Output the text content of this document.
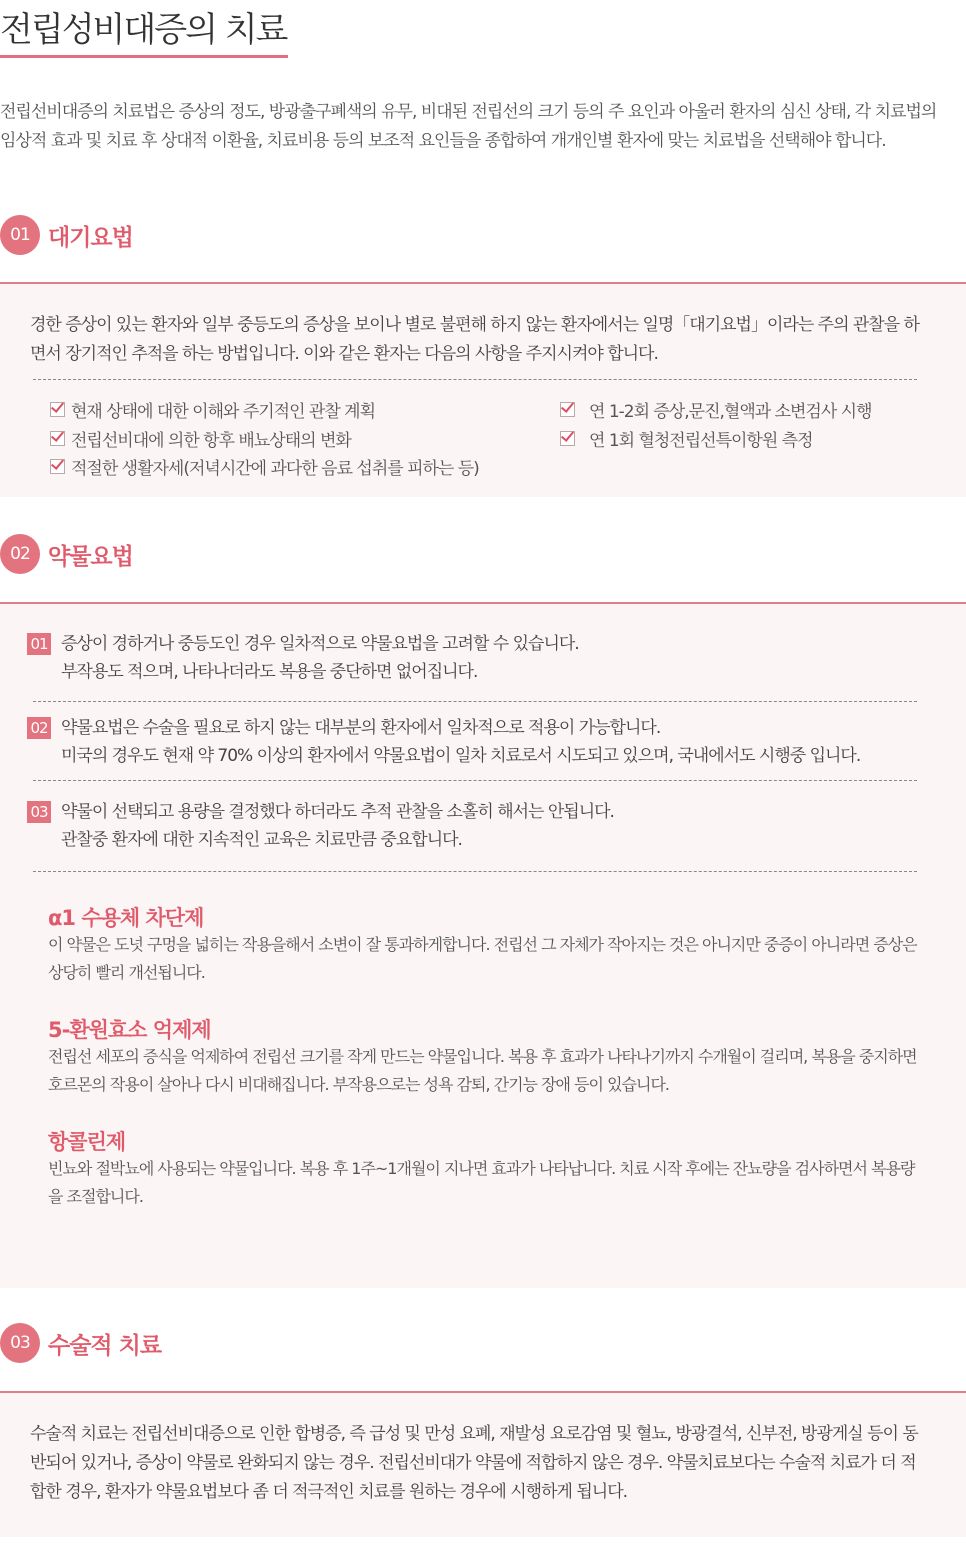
전립성비대증의 치료
전립선비대증의 치료법은 증상의 정도, 방광출구폐색의 유무, 비대된 전립선의 크기 등의 주 요인과 아울러 환자의 심신 상태, 각 치료법의 임상적 효과 및 치료 후 상대적 이환율, 치료비용 등의 보조적 요인들을 종합하여 개개인별 환자에 맞는 치료법을 선택해야 합니다.
01 대기요법
경한 증상이 있는 환자와 일부 중등도의 증상을 보이나 별로 불편해 하지 않는 환자에서는 일명「대기요법」이라는 주의 관찰을 하면서 장기적인 추적을 하는 방법입니다. 이와 같은 환자는 다음의 사항을 주지시켜야 합니다.
현재 상태에 대한 이해와 주기적인 관찰 계획
전립선비대에 의한 항후 배뇨상태의 변화
적절한 생활자세(저녁시간에 과다한 음료 섭취를 피하는 등)
연 1-2회 증상,문진,혈액과 소변검사 시행
연 1회 혈청전립선특이항원 측정
02 약물요법
01 증상이 경하거나 중등도인 경우 일차적으로 약물요법을 고려할 수 있습니다.
부작용도 적으며, 나타나더라도 복용을 중단하면 없어집니다.
02 약물요법은 수술을 필요로 하지 않는 대부분의 환자에서 일차적으로 적용이 가능합니다.
미국의 경우도 현재 약 70% 이상의 환자에서 약물요법이 일차 치료로서 시도되고 있으며, 국내에서도 시행중 입니다.
03 약물이 선택되고 용량을 결정했다 하더라도 추적 관찰을 소홀히 해서는 안됩니다.
관찰중 환자에 대한 지속적인 교육은 치료만큼 중요합니다.
α1 수용체 차단제
이 약물은 도넛 구멍을 넓히는 작용을해서 소변이 잘 통과하게합니다. 전립선 그 자체가 작아지는 것은 아니지만 중증이 아니라면 증상은 상당히 빨리 개선됩니다.
5-환원효소 억제제
전립선 세포의 증식을 억제하여 전립선 크기를 작게 만드는 약물입니다. 복용 후 효과가 나타나기까지 수개월이 걸리며, 복용을 중지하면 호르몬의 작용이 살아나 다시 비대해집니다. 부작용으로는 성욕 감퇴, 간기능 장애 등이 있습니다.
항콜린제
빈뇨와 절박뇨에 사용되는 약물입니다. 복용 후 1주~1개월이 지나면 효과가 나타납니다. 치료 시작 후에는 잔뇨량을 검사하면서 복용량을 조절합니다.
03 수술적 치료
수술적 치료는 전립선비대증으로 인한 합병증, 즉 급성 및 만성 요폐, 재발성 요로감염 및 혈뇨, 방광결석, 신부전, 방광게실 등이 동반되어 있거나, 증상이 약물로 완화되지 않는 경우. 전립선비대가 약물에 적합하지 않은 경우. 약물치료보다는 수술적 치료가 더 적합한 경우, 환자가 약물요법보다 좀 더 적극적인 치료를 원하는 경우에 시행하게 됩니다.
